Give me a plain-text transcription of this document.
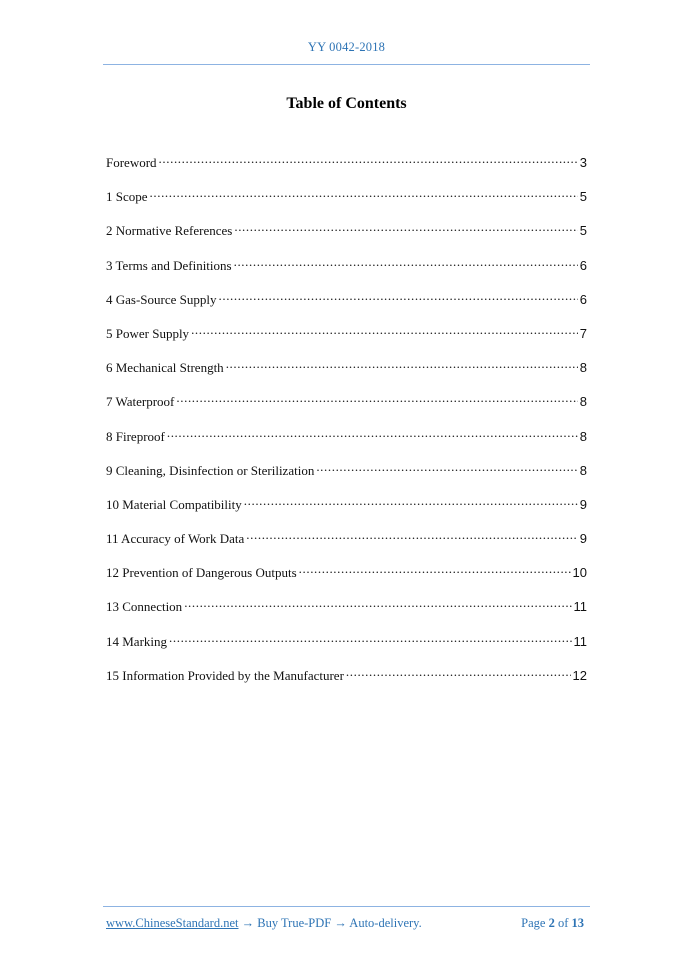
YY 0042-2018
Table of Contents
Foreword .....	3
1 Scope .....	5
2 Normative References .....	5
3 Terms and Definitions .....	6
4 Gas-Source Supply .....	6
5 Power Supply .....	7
6 Mechanical Strength .....	8
7 Waterproof .....	8
8 Fireproof .....	8
9 Cleaning, Disinfection or Sterilization .....	8
10 Material Compatibility .....	9
11 Accuracy of Work Data .....	9
12 Prevention of Dangerous Outputs .....	10
13 Connection .....	11
14 Marking .....	11
15 Information Provided by the Manufacturer .....	12
www.ChineseStandard.net → Buy True-PDF → Auto-delivery.	Page 2 of 13
